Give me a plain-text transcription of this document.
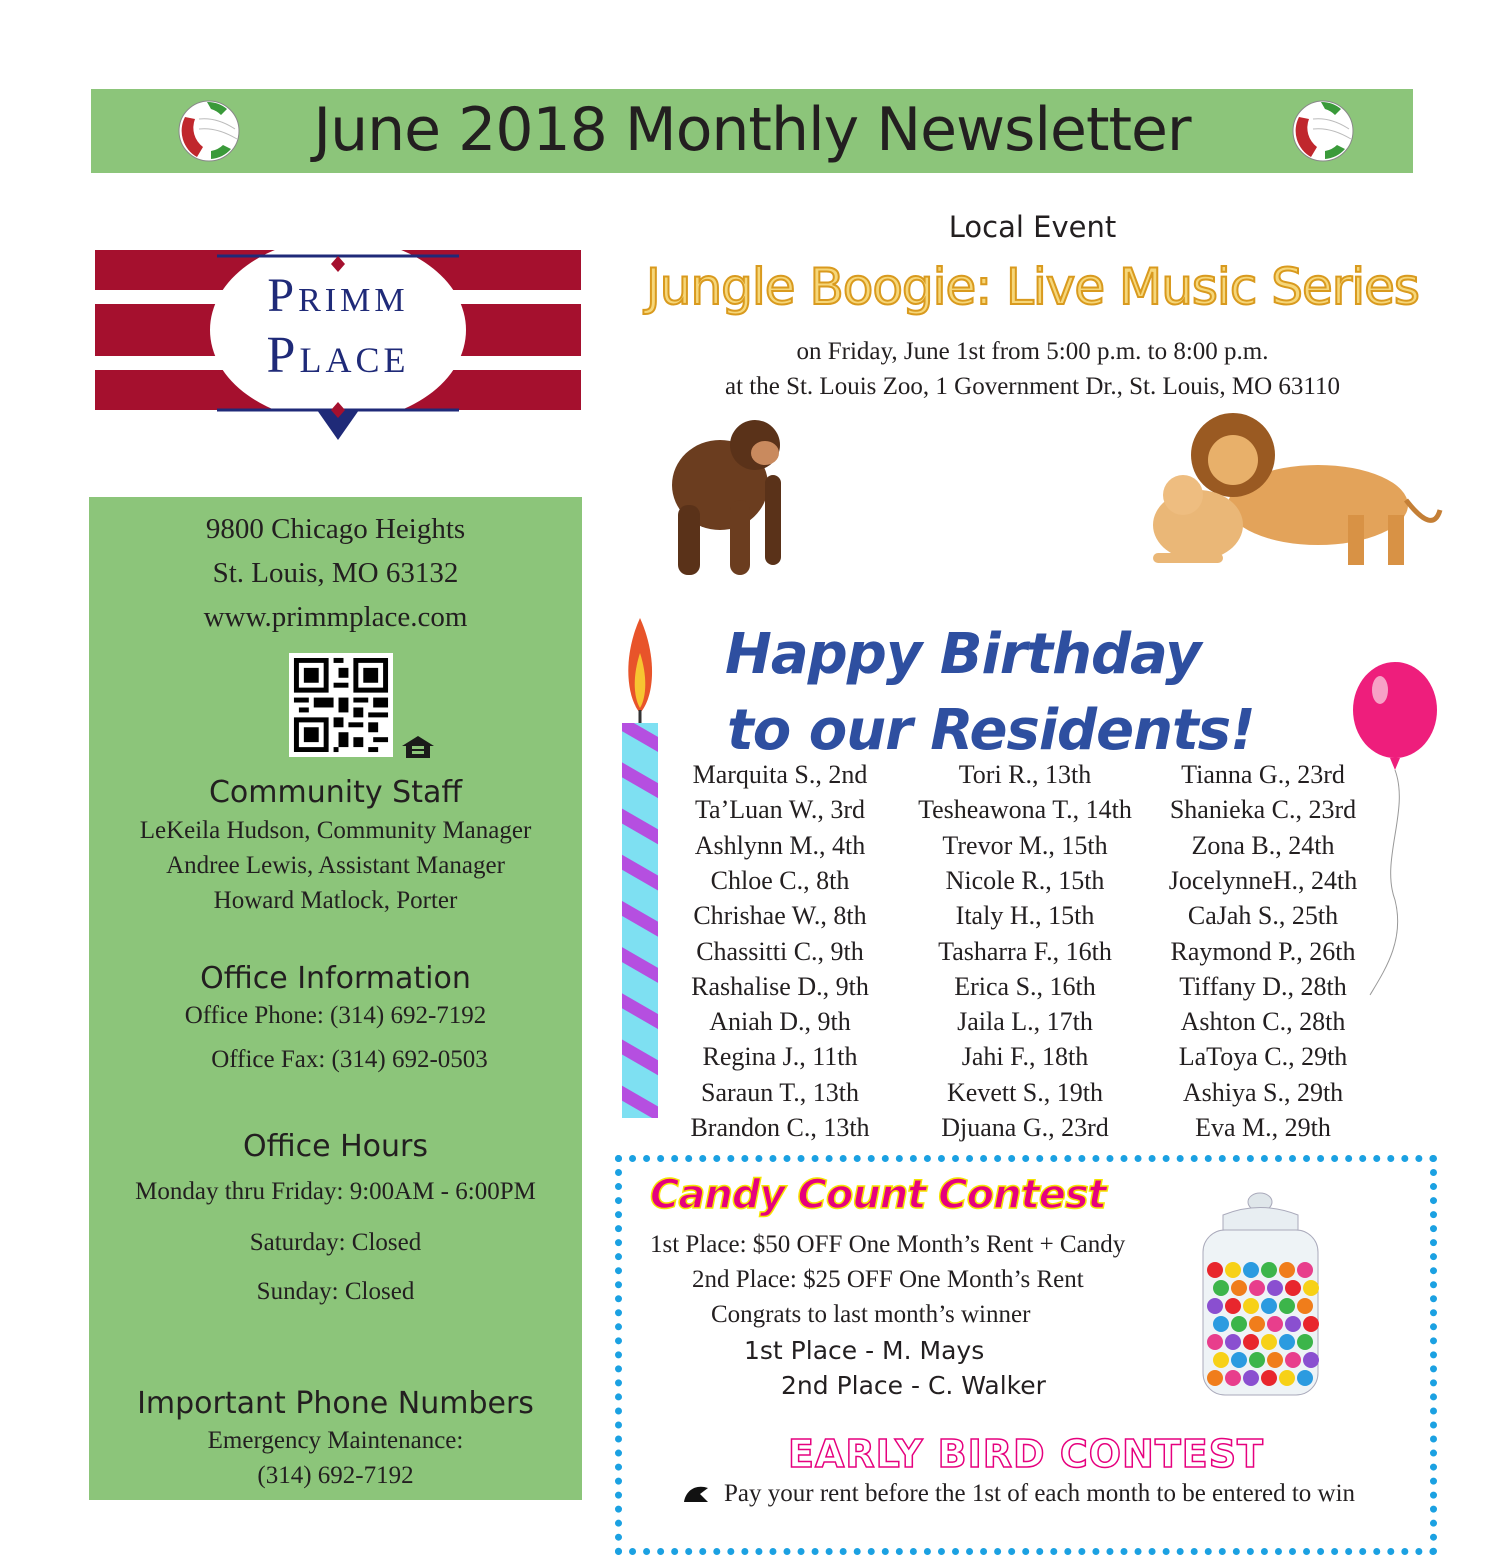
June 2018 Monthly Newsletter
Primm
Place
9800 Chicago Heights
St. Louis, MO 63132
www.primmplace.com
Community Staff
LeKeila Hudson, Community Manager
Andree Lewis, Assistant Manager
Howard Matlock, Porter
Office Information
Office Phone: (314) 692-7192
Office Fax: (314) 692-0503
Office Hours
Monday thru Friday: 9:00AM - 6:00PM
Saturday: Closed
Sunday: Closed
Important Phone Numbers
Emergency Maintenance:
(314) 692-7192
Local Event
Jungle Boogie: Live Music Series
on Friday, June 1st from 5:00 p.m. to 8:00 p.m.
at the St. Louis Zoo, 1 Government Dr., St. Louis, MO 63110
Happy Birthday
to our Residents!
Marquita S., 2nd
Ta’Luan W., 3rd
Ashlynn M., 4th
Chloe C., 8th
Chrishae W., 8th
Chassitti C., 9th
Rashalise D., 9th
Aniah D., 9th
Regina J., 11th
Saraun T., 13th
Brandon C., 13th
Tori R., 13th
Tesheawona T., 14th
Trevor M., 15th
Nicole R., 15th
Italy H., 15th
Tasharra F., 16th
Erica S., 16th
Jaila L., 17th
Jahi F., 18th
Kevett S., 19th
Djuana G., 23rd
Tianna G., 23rd
Shanieka C., 23rd
Zona B., 24th
JocelynneH., 24th
CaJah S., 25th
Raymond P., 26th
Tiffany D., 28th
Ashton C., 28th
LaToya C., 29th
Ashiya S., 29th
Eva M., 29th
Candy Count Contest
1st Place: $50 OFF One Month’s Rent + Candy
2nd Place: $25 OFF One Month’s Rent
Congrats to last month’s winner
1st Place - M. Mays
2nd Place - C. Walker
EARLY BIRD CONTEST
Pay your rent before the 1st of each month to be entered to win
